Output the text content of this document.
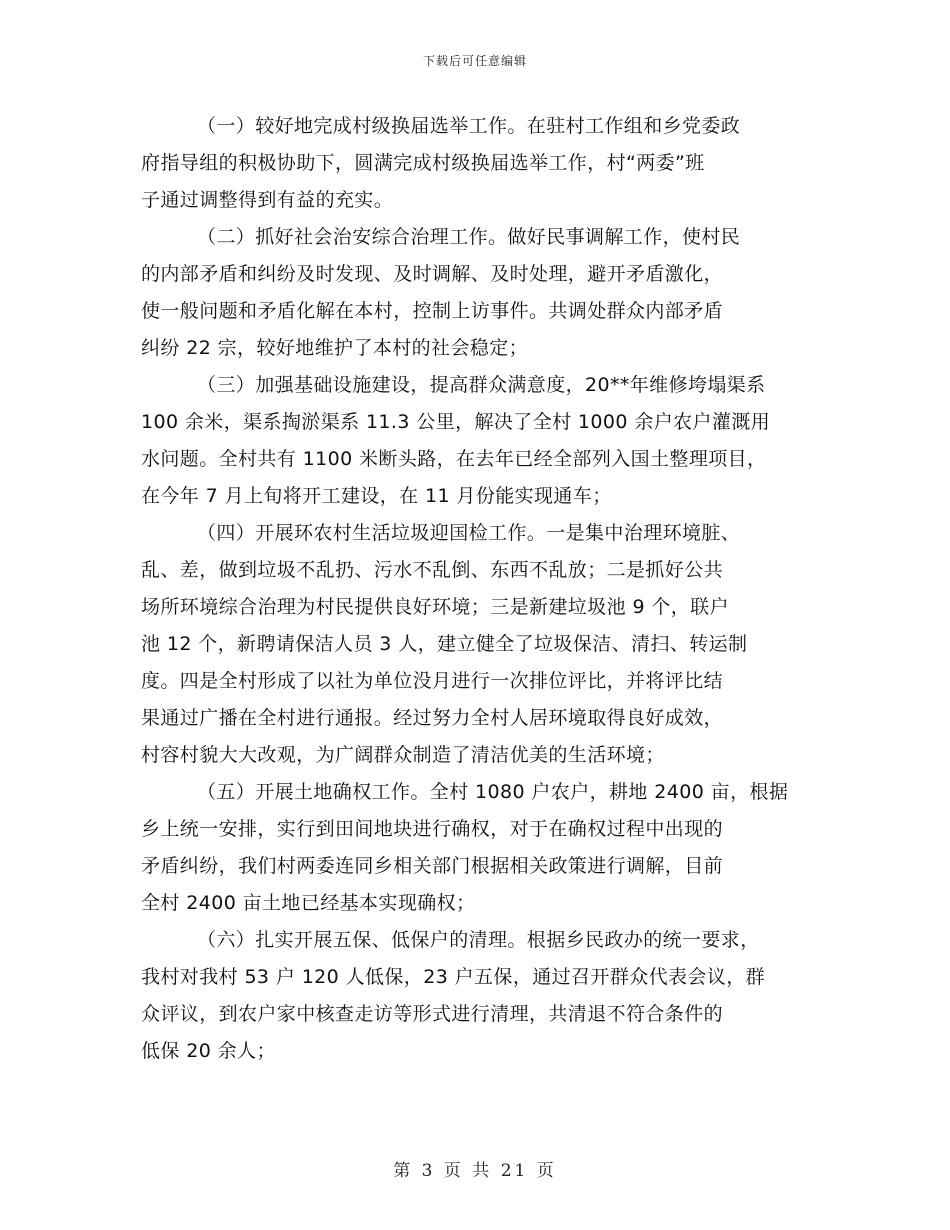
下载后可任意编辑
（一）较好地完成村级换届选举工作。在驻村工作组和乡党委政
府指导组的积极协助下，圆满完成村级换届选举工作，村“两委”班
子通过调整得到有益的充实。
（二）抓好社会治安综合治理工作。做好民事调解工作，使村民
的内部矛盾和纠纷及时发现、及时调解、及时处理，避开矛盾激化，
使一般问题和矛盾化解在本村，控制上访事件。共调处群众内部矛盾
纠纷 22 宗，较好地维护了本村的社会稳定；
（三）加强基础设施建设，提高群众满意度，20**年维修垮塌渠系
100 余米，渠系掏淤渠系 11.3 公里，解决了全村 1000 余户农户灌溉用
水问题。全村共有 1100 米断头路，在去年已经全部列入国土整理项目，
在今年 7 月上旬将开工建设，在 11 月份能实现通车；
（四）开展环农村生活垃圾迎国检工作。一是集中治理环境脏、
乱、差，做到垃圾不乱扔、污水不乱倒、东西不乱放；二是抓好公共
场所环境综合治理为村民提供良好环境；三是新建垃圾池 9 个，联户
池 12 个，新聘请保洁人员 3 人，建立健全了垃圾保洁、清扫、转运制
度。四是全村形成了以社为单位没月进行一次排位评比，并将评比结
果通过广播在全村进行通报。经过努力全村人居环境取得良好成效，
村容村貌大大改观，为广阔群众制造了清洁优美的生活环境；
（五）开展土地确权工作。全村 1080 户农户，耕地 2400 亩，根据
乡上统一安排，实行到田间地块进行确权，对于在确权过程中出现的
矛盾纠纷，我们村两委连同乡相关部门根据相关政策进行调解，目前
全村 2400 亩土地已经基本实现确权；
（六）扎实开展五保、低保户的清理。根据乡民政办的统一要求，
我村对我村 53 户 120 人低保，23 户五保，通过召开群众代表会议，群
众评议，到农户家中核查走访等形式进行清理，共清退不符合条件的
低保 20 余人；
第 3 页 共 21 页
